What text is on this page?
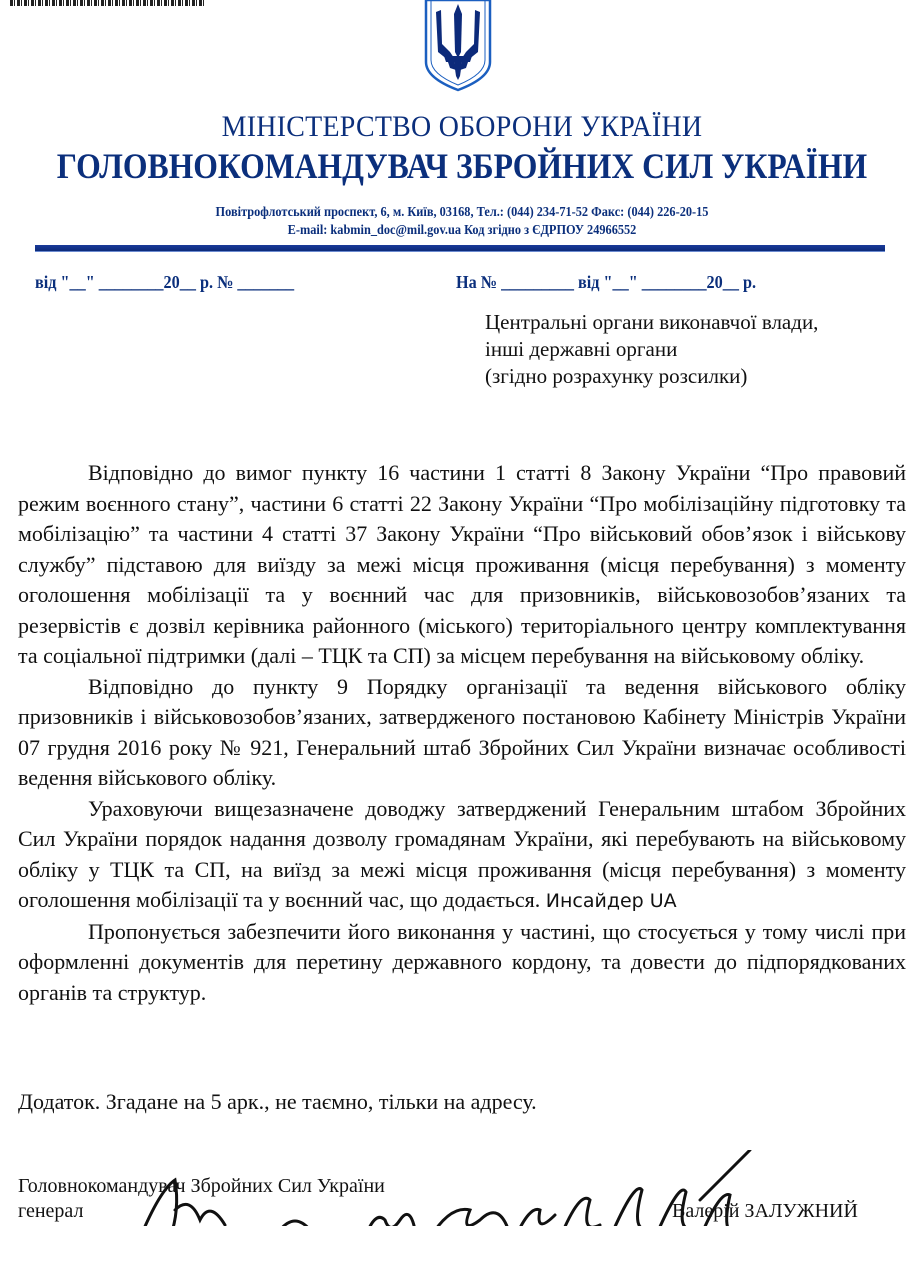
МІНІСТЕРСТВО ОБОРОНИ УКРАЇНИ
ГОЛОВНОКОМАНДУВАЧ ЗБРОЙНИХ СИЛ УКРАЇНИ
Повітрофлотський проспект, 6, м. Київ, 03168, Тел.: (044) 234-71-52 Факс: (044) 226-20-15
E-mail: kabmin_doc@mil.gov.ua Код згідно з ЄДРПОУ 24966552
від "__" ________20__ р. № _______	На № _________ від "__" ________20__ р.
Центральні органи виконавчої влади,
інші державні органи
(згідно розрахунку розсилки)

Відповідно до вимог пункту 16 частини 1 статті 8 Закону України “Про правовий режим воєнного стану”, частини 6 статті 22 Закону України “Про мобілізаційну підготовку та мобілізацію” та частини 4 статті 37 Закону України “Про військовий обов’язок і військову службу” підставою для виїзду за межі місця проживання (місця перебування) з моменту оголошення мобілізації та у воєнний час для призовників, військовозобов’язаних та резервістів є дозвіл керівника районного (міського) територіального центру комплектування та соціальної підтримки (далі – ТЦК та СП) за місцем перебування на військовому обліку.

Відповідно до пункту 9 Порядку організації та ведення військового обліку призовників і військовозобов’язаних, затвердженого постановою Кабінету Міністрів України 07 грудня 2016 року № 921, Генеральний штаб Збройних Сил України визначає особливості ведення військового обліку.

Ураховуючи вищезазначене доводжу затверджений Генеральним штабом Збройних Сил України порядок надання дозволу громадянам України, які перебувають на військовому обліку у ТЦК та СП, на виїзд за межі місця проживання (місця перебування) з моменту оголошення мобілізації та у воєнний час, що додається. Инсайдер UA

Пропонується забезпечити його виконання у частині, що стосується у тому числі при оформленні документів для перетину державного кордону, та довести до підпорядкованих органів та структур.

Додаток. Згадане на 5 арк., не таємно, тільки на адресу.
Головнокомандувач Збройних Сил України
генерал	Валерій ЗАЛУЖНИЙ
